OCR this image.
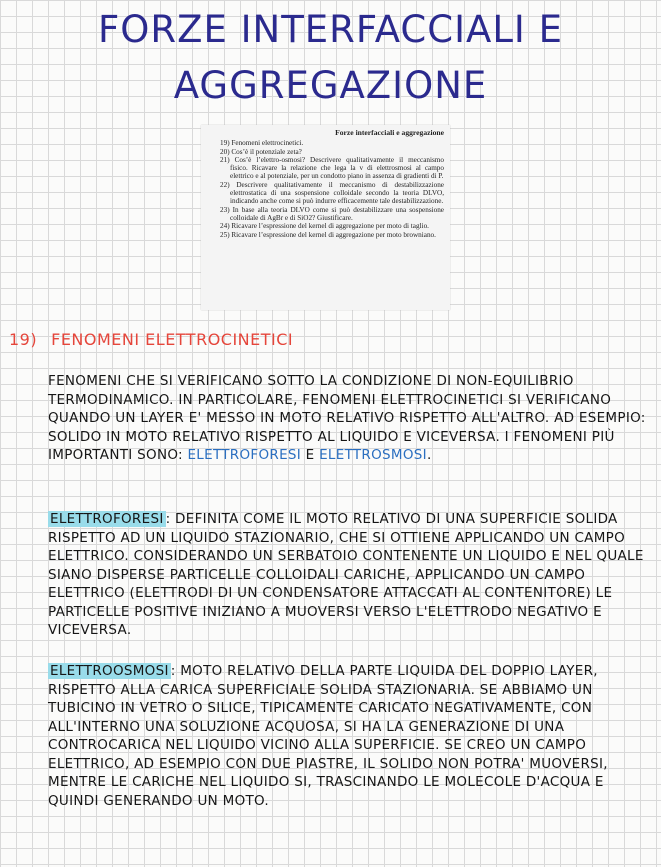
FORZE INTERFACCIALI E
AGGREGAZIONE
Forze interfacciali e aggregazione
19) Fenomeni elettrocinetici.
20) Cos’è il potenziale zeta?
21) Cos’è l’elettro-osmosi? Descrivere qualitativamente il meccanismo fisico. Ricavare la relazione che lega la v di elettrosmosi al campo elettrico e al potenziale, per un condotto piano in assenza di gradienti di P.
22) Descrivere qualitativamente il meccanismo di destabilizzazione elettrostatica di una sospensione colloidale secondo la teoria DLVO, indicando anche come si può indurre efficacemente tale destabilizzazione.
23) In base alla teoria DLVO come si può destabilizzare una sospensione colloidale di AgBr e di SiO2? Giustificare.
24) Ricavare l’espressione del kernel di aggregazione per moto di taglio.
25) Ricavare l’espressione del kernel di aggregazione per moto browniano.
19) FENOMENI ELETTROCINETICI
FENOMENI CHE SI VERIFICANO SOTTO LA CONDIZIONE DI NON-EQUILIBRIO TERMODINAMICO. IN PARTICOLARE, FENOMENI ELETTROCINETICI SI VERIFICANO QUANDO UN LAYER E' MESSO IN MOTO RELATIVO RISPETTO ALL'ALTRO. AD ESEMPIO: SOLIDO IN MOTO RELATIVO RISPETTO AL LIQUIDO E VICEVERSA. I FENOMENI PIÙ IMPORTANTI SONO: ELETTROFORESI E ELETTROSMOSI.
ELETTROFORESI : DEFINITA COME IL MOTO RELATIVO DI UNA SUPERFICIE SOLIDA RISPETTO AD UN LIQUIDO STAZIONARIO, CHE SI OTTIENE APPLICANDO UN CAMPO ELETTRICO. CONSIDERANDO UN SERBATOIO CONTENENTE UN LIQUIDO E NEL QUALE SIANO DISPERSE PARTICELLE COLLOIDALI CARICHE, APPLICANDO UN CAMPO ELETTRICO (ELETTRODI DI UN CONDENSATORE ATTACCATI AL CONTENITORE) LE PARTICELLE POSITIVE INIZIANO A MUOVERSI VERSO L'ELETTRODO NEGATIVO E VICEVERSA.
ELETTROOSMOSI : MOTO RELATIVO DELLA PARTE LIQUIDA DEL DOPPIO LAYER, RISPETTO ALLA CARICA SUPERFICIALE SOLIDA STAZIONARIA. SE ABBIAMO UN TUBICINO IN VETRO O SILICE, TIPICAMENTE CARICATO NEGATIVAMENTE, CON ALL'INTERNO UNA SOLUZIONE ACQUOSA, SI HA LA GENERAZIONE DI UNA CONTROCARICA NEL LIQUIDO VICINO ALLA SUPERFICIE. SE CREO UN CAMPO ELETTRICO, AD ESEMPIO CON DUE PIASTRE, IL SOLIDO NON POTRA' MUOVERSI, MENTRE LE CARICHE NEL LIQUIDO SI, TRASCINANDO LE MOLECOLE D'ACQUA E QUINDI GENERANDO UN MOTO.
